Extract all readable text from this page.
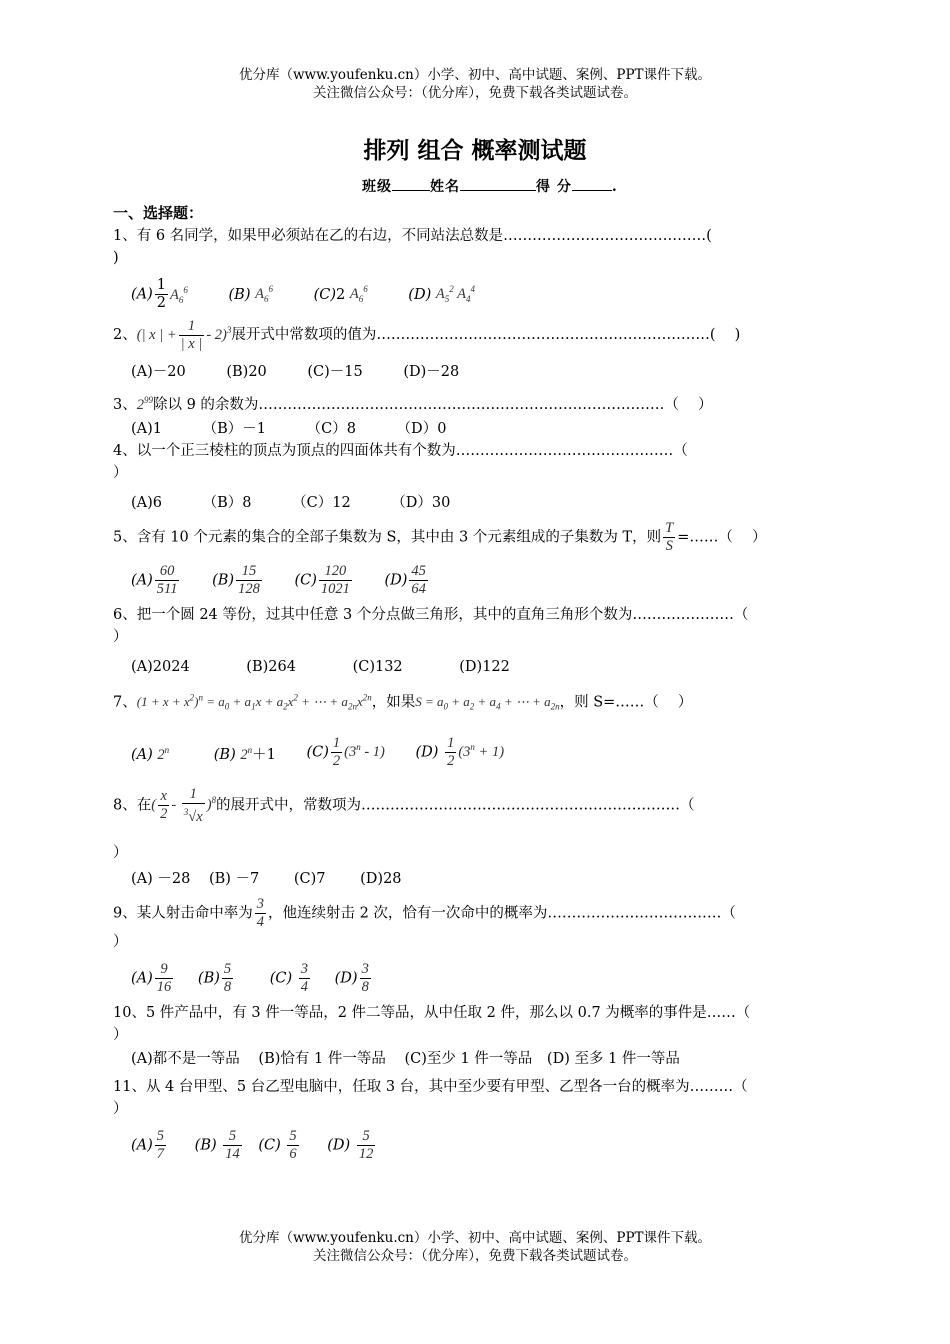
优分库（www.youfenku.cn）小学、初中、高中试题、案例、PPT课件下载。
关注微信公众号：（优分库），免费下载各类试题试卷。
排列 组合 概率测试题
班级	姓名	得 分	.
一、选择题：
1、有 6 名同学，如果甲必须站在乙的右边，不同站法总数是……………………………………(
)
$(A) \frac{1}{2} A_6^6$	(B) $A_6^6$	(C)2 $A_6^6$	(D) $A_5^2$ $A_4^4$
2、(| x | + $\frac{1}{| x |} - 2)^3$展开式中常数项的值为……………………………………………………………(　 )
(A)－20	(B)20	(C)－15	(D)－28
3、$2^{99}$除以 9 的余数为…………………………………………………………………………（　 ）
(A)1	（B）－1	（C）8	（D）0
4、以一个正三棱柱的顶点为顶点的四面体共有个数为………………………………………（
）
(A)6	（B）8	（C）12	（D）30
5、含有 10 个元素的集合的全部子集数为 S，其中由 3 个元素组成的子集数为 T，则 $\frac{T}{S}$ =……（　 ）
$(A) \frac{60}{511} (B) \frac{15}{128} (C) \frac{120}{1021} (D) \frac{45}{64}$
6、把一个圆 24 等份，过其中任意 3 个分点做三角形，其中的直角三角形个数为…………………（
）
(A)2024	(B)264	(C)132	(D)122
7、$(1 + x + x^2)^n = a_0 + a_1x + a_2x^2$ + ⋯ + $a_{2n}x^{2n}$，如果$S = a_0 + a_2 + a_4$ + ⋯ + $a_{2n}$，则 S=……（　 ）
(A) 2$^n$	(B) $2^n+1$ $(C) \frac{1}{2} (3^n - 1)$ $(D) \frac{1}{2} (3^n + 1)$
8、在( $\frac{x}{2} - \frac{1}{^3√x} )^8$的展开式中，常数项为…………………………………………………………（
）
(A) －28 (B) －7 (C)7 (D)28
9、某人射击命中率为 $\frac{3}{4}$ ，他连续射击 2 次，恰有一次命中的概率为………………………………（
）
$(A) \frac{9}{16} (B) \frac{5}{8}$	$(C) \frac{3}{4} (D) \frac{3}{8}$
10、5 件产品中，有 3 件一等品，2 件二等品，从中任取 2 件，那么以 0.7 为概率的事件是……（
）
(A)都不是一等品 (B)恰有 1 件一等品 (C)至少 1 件一等品 (D) 至多 1 件一等品
11、从 4 台甲型、5 台乙型电脑中，任取 3 台，其中至少要有甲型、乙型各一台的概率为………（
）
$(A) \frac{5}{7} (B) \frac{5}{14} (C) \frac{5}{6} (D) \frac{5}{12}$
优分库（www.youfenku.cn）小学、初中、高中试题、案例、PPT课件下载。
关注微信公众号：（优分库），免费下载各类试题试卷。
